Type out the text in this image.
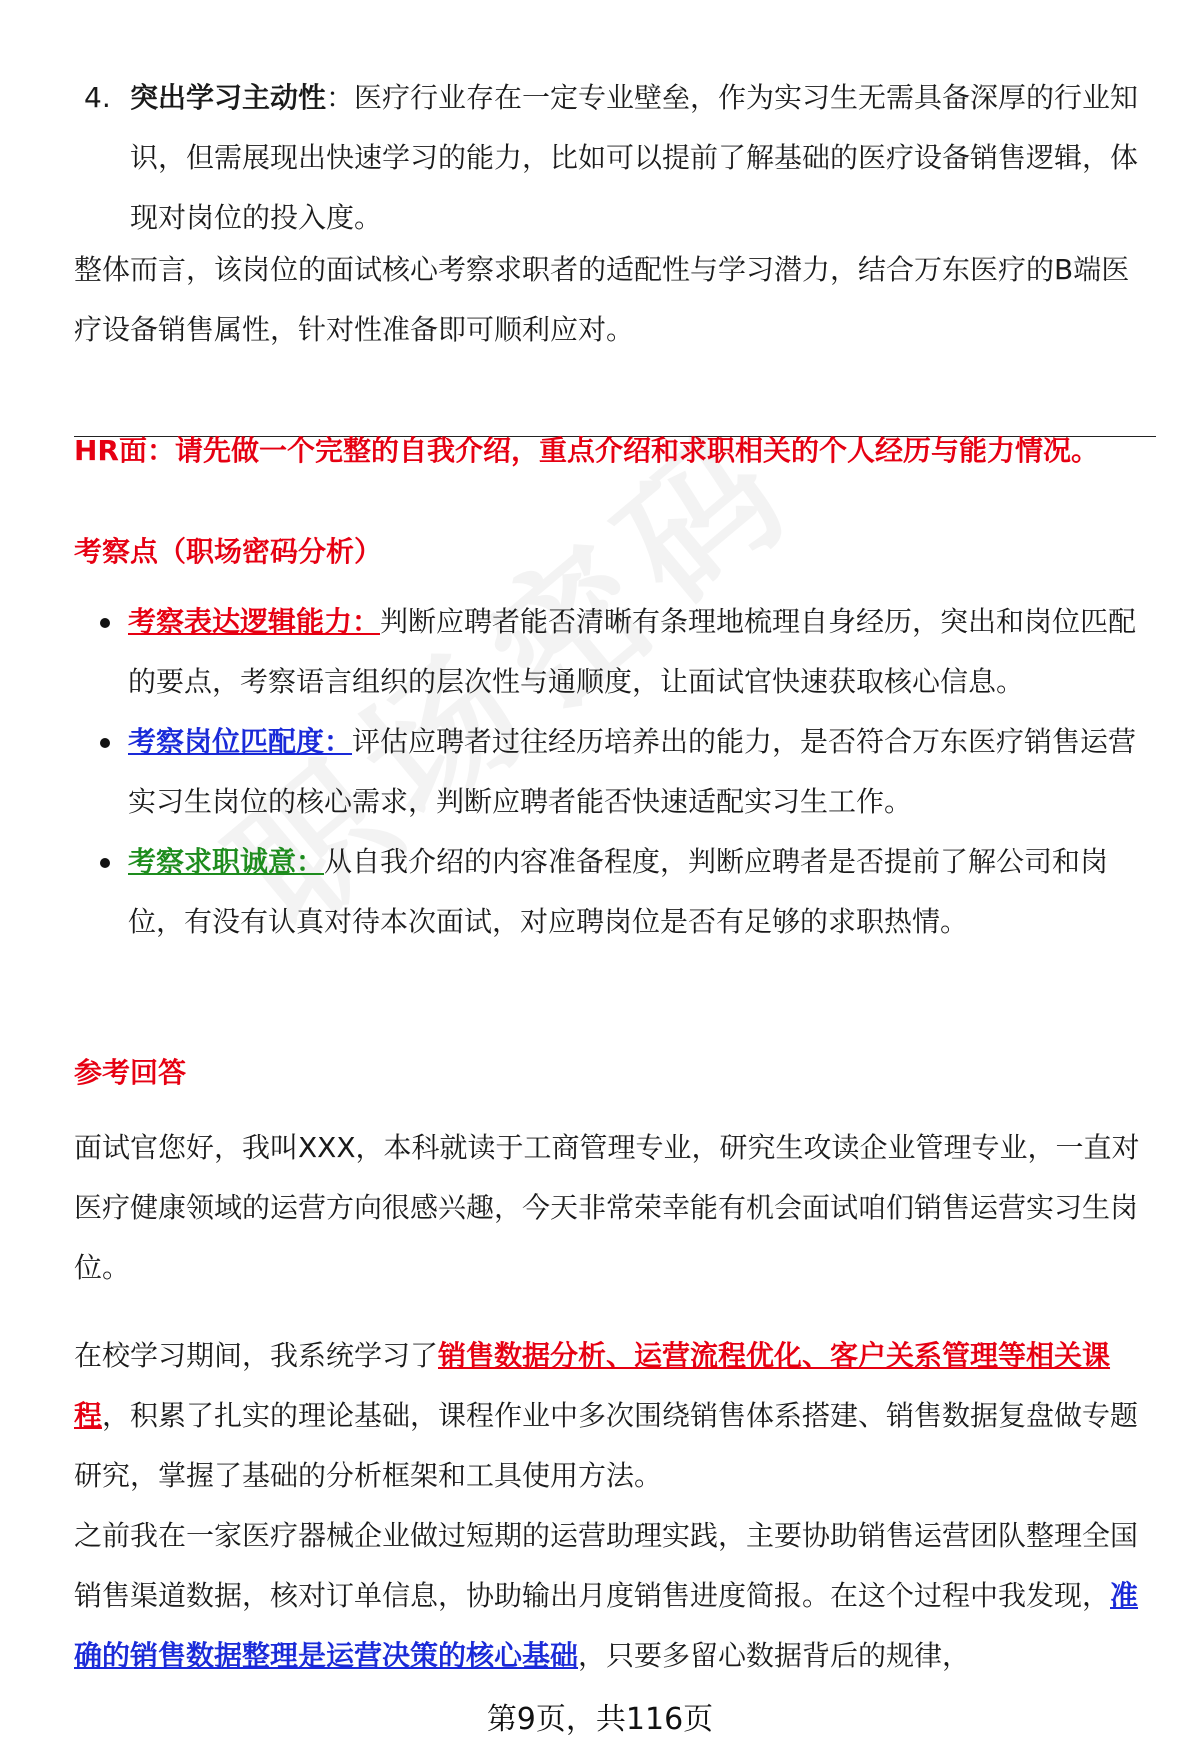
4. 突出学习主动性：医疗行业存在一定专业壁垒，作为实习生无需具备深厚的行业知识，但需展现出快速学习的能力，比如可以提前了解基础的医疗设备销售逻辑，体现对岗位的投入度。

整体而言，该岗位的面试核心考察求职者的适配性与学习潜力，结合万东医疗的B端医疗设备销售属性，针对性准备即可顺利应对。

HR面：请先做一个完整的自我介绍，重点介绍和求职相关的个人经历与能力情况。

考察点（职场密码分析）

考察表达逻辑能力：判断应聘者能否清晰有条理地梳理自身经历，突出和岗位匹配的要点，考察语言组织的层次性与通顺度，让面试官快速获取核心信息。
考察岗位匹配度：评估应聘者过往经历培养出的能力，是否符合万东医疗销售运营实习生岗位的核心需求，判断应聘者能否快速适配实习生工作。
考察求职诚意：从自我介绍的内容准备程度，判断应聘者是否提前了解公司和岗位，有没有认真对待本次面试，对应聘岗位是否有足够的求职热情。

参考回答

面试官您好，我叫XXX，本科就读于工商管理专业，研究生攻读企业管理专业，一直对医疗健康领域的运营方向很感兴趣，今天非常荣幸能有机会面试咱们销售运营实习生岗位。

在校学习期间，我系统学习了销售数据分析、运营流程优化、客户关系管理等相关课程，积累了扎实的理论基础，课程作业中多次围绕销售体系搭建、销售数据复盘做专题研究，掌握了基础的分析框架和工具使用方法。

之前我在一家医疗器械企业做过短期的运营助理实践，主要协助销售运营团队整理全国销售渠道数据，核对订单信息，协助输出月度销售进度简报。在这个过程中我发现，准确的销售数据整理是运营决策的核心基础，只要多留心数据背后的规律，

第9页，共116页
